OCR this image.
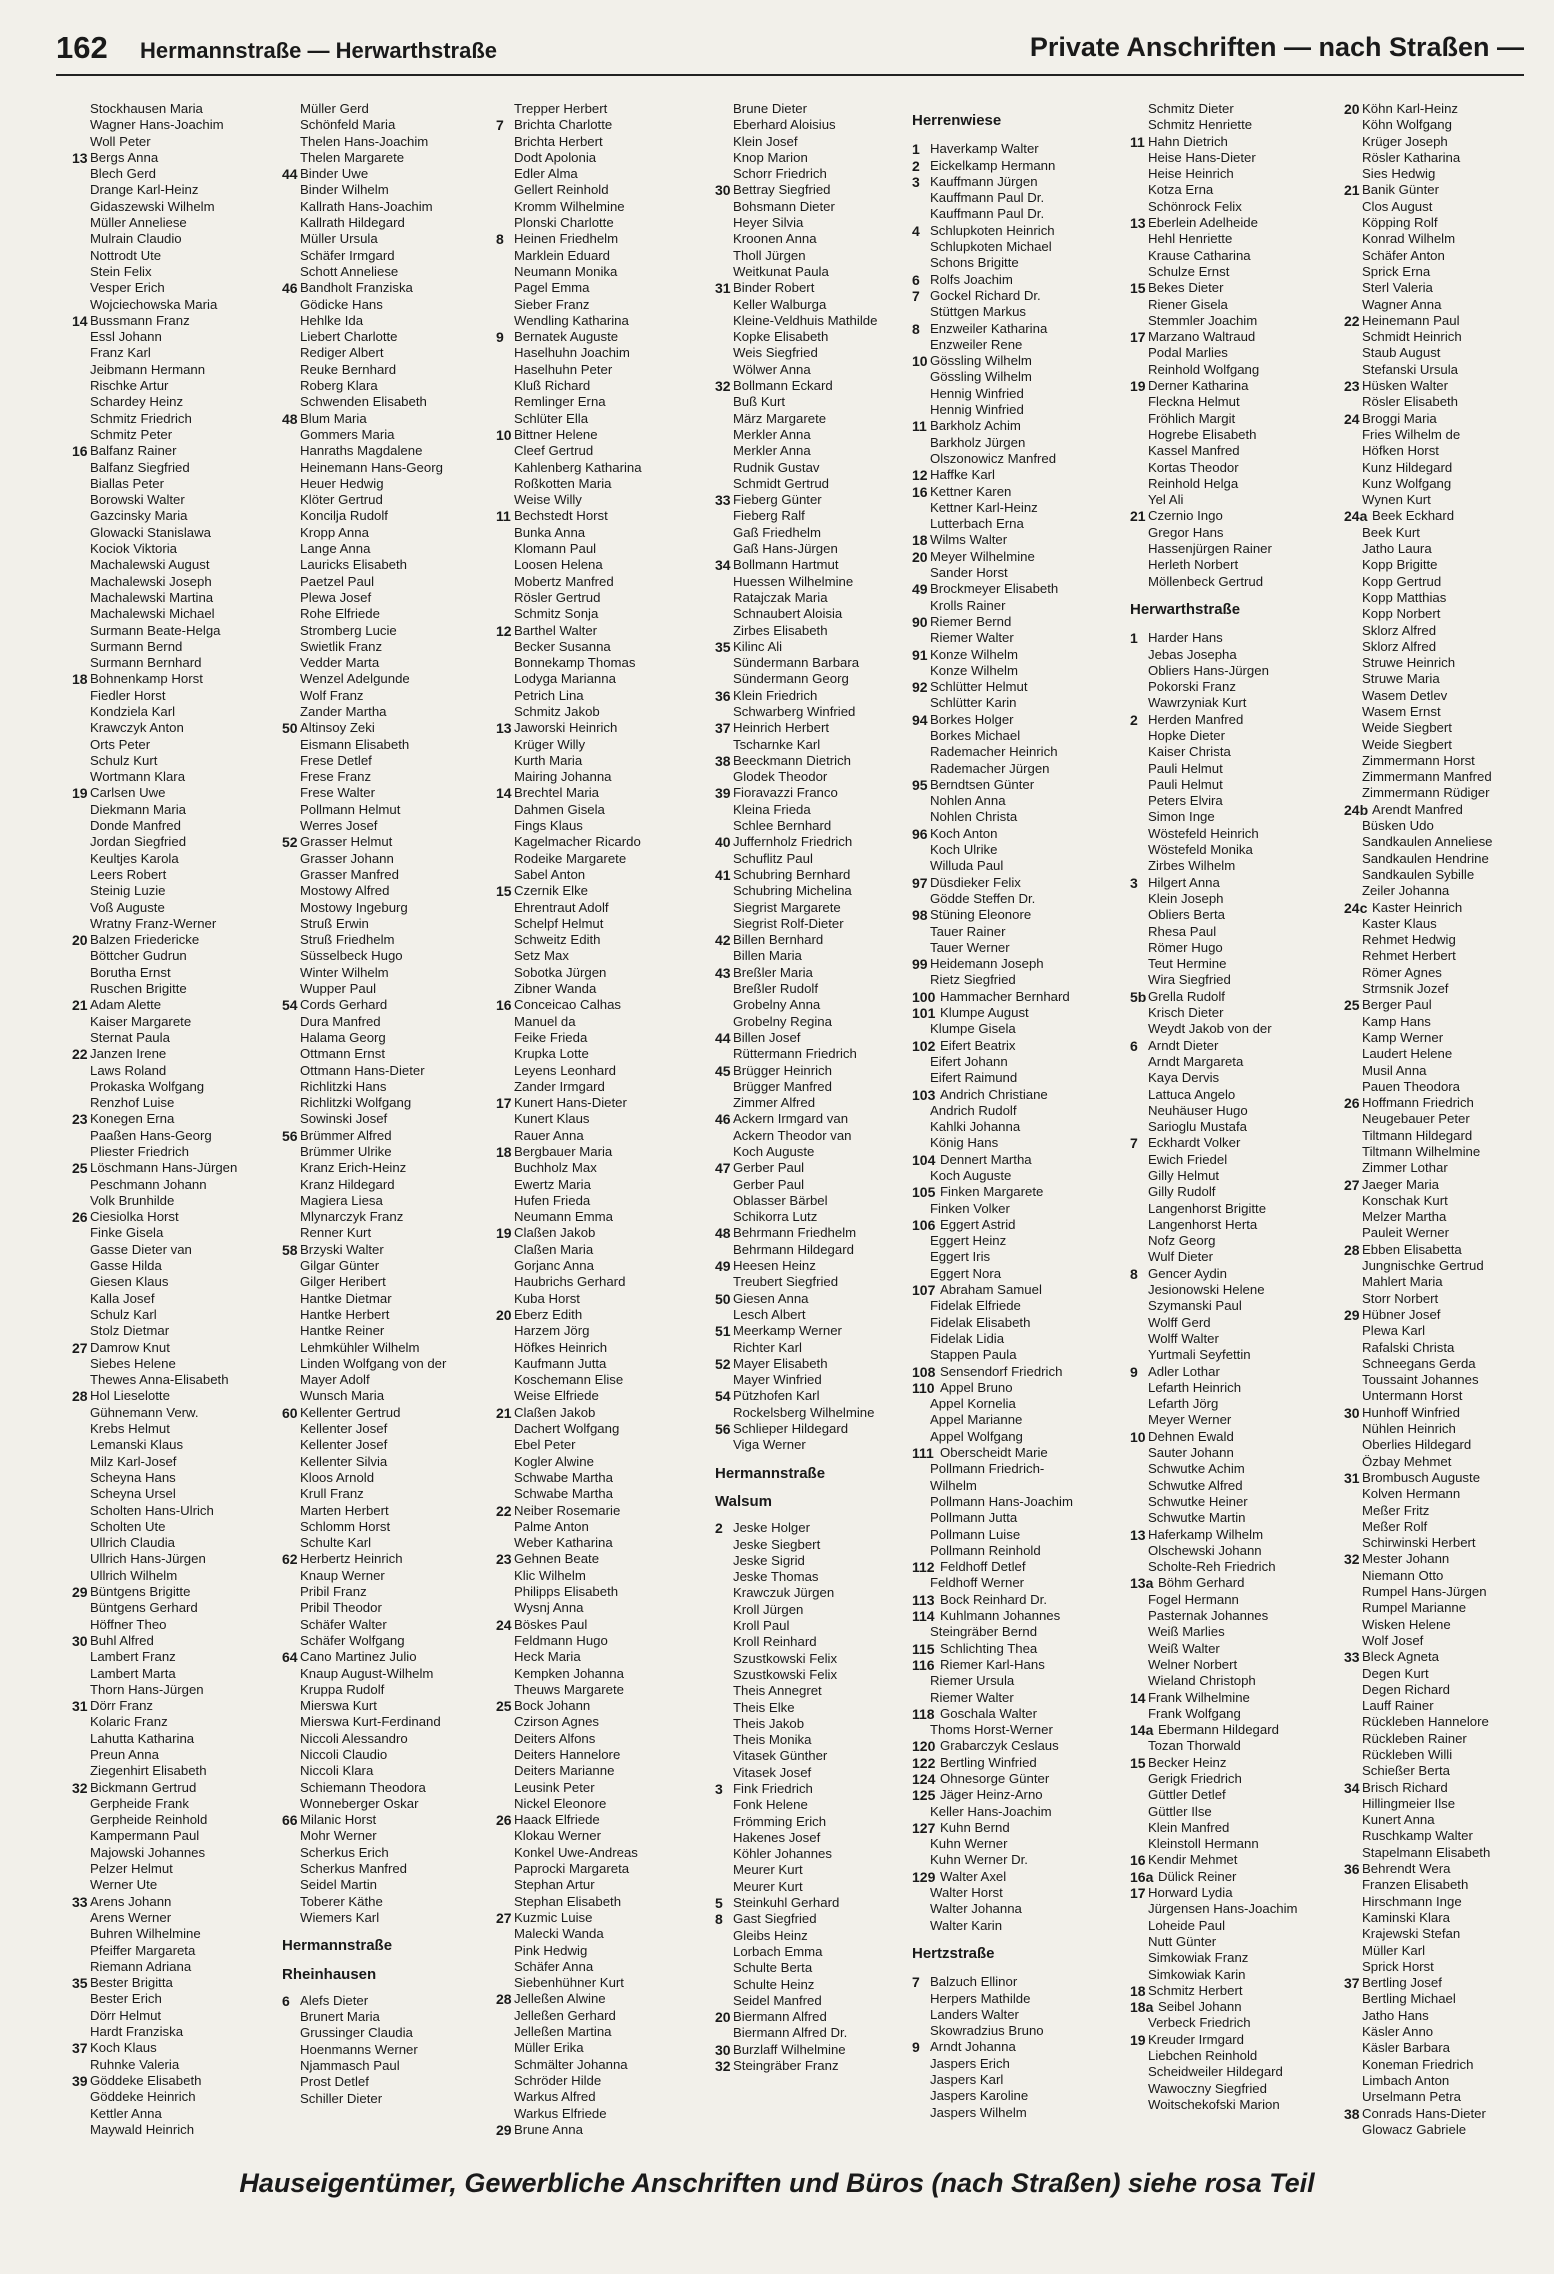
162 Hermannstraße — Herwarthstraße	Private Anschriften — nach Straßen —
Stockhausen Maria
Wagner Hans-Joachim
Woll Peter
13 Bergs Anna
Blech Gerd
Drange Karl-Heinz
Gidaszewski Wilhelm
Müller Anneliese
Mulrain Claudio
Nottrodt Ute
Stein Felix
Vesper Erich
Wojciechowska Maria
14 Bussmann Franz
Essl Johann
Franz Karl
Jeibmann Hermann
Rischke Artur
Schardey Heinz
Schmitz Friedrich
Schmitz Peter
16 Balfanz Rainer
Balfanz Siegfried
Biallas Peter
Borowski Walter
Gazcinsky Maria
Glowacki Stanislawa
Kociok Viktoria
Machalewski August
Machalewski Joseph
Machalewski Martina
Machalewski Michael
Surmann Beate-Helga
Surmann Bernd
Surmann Bernhard
18 Bohnenkamp Horst
Fiedler Horst
Kondziela Karl
Krawczyk Anton
Orts Peter
Schulz Kurt
Wortmann Klara
19 Carlsen Uwe
Diekmann Maria
Donde Manfred
Jordan Siegfried
Keultjes Karola
Leers Robert
Steinig Luzie
Voß Auguste
Wratny Franz-Werner
20 Balzen Friedericke
Böttcher Gudrun
Borutha Ernst
Ruschen Brigitte
21 Adam Alette
Kaiser Margarete
Sternat Paula
22 Janzen Irene
Laws Roland
Prokaska Wolfgang
Renzhof Luise
23 Konegen Erna
Paaßen Hans-Georg
Pliester Friedrich
25 Löschmann Hans-Jürgen
Peschmann Johann
Volk Brunhilde
26 Ciesiolka Horst
Finke Gisela
Gasse Dieter van
Gasse Hilda
Giesen Klaus
Kalla Josef
Schulz Karl
Stolz Dietmar
27 Damrow Knut
Siebes Helene
Thewes Anna-Elisabeth
28 Hol Lieselotte
Gühnemann Verw.
Krebs Helmut
Lemanski Klaus
Milz Karl-Josef
Scheyna Hans
Scheyna Ursel
Scholten Hans-Ulrich
Scholten Ute
Ullrich Claudia
Ullrich Hans-Jürgen
Ullrich Wilhelm
29 Büntgens Brigitte
Büntgens Gerhard
Höffner Theo
30 Buhl Alfred
Lambert Franz
Lambert Marta
Thorn Hans-Jürgen
31 Dörr Franz
Kolaric Franz
Lahutta Katharina
Preun Anna
Ziegenhirt Elisabeth
32 Bickmann Gertrud
Gerpheide Frank
Gerpheide Reinhold
Kampermann Paul
Majowski Johannes
Pelzer Helmut
Werner Ute
33 Arens Johann
Arens Werner
Buhren Wilhelmine
Pfeiffer Margareta
Riemann Adriana
35 Bester Brigitta
Bester Erich
Dörr Helmut
Hardt Franziska
37 Koch Klaus
Ruhnke Valeria
39 Göddeke Elisabeth
Göddeke Heinrich
Kettler Anna
Maywald Heinrich
Müller Gerd
Schönfeld Maria
Thelen Hans-Joachim
Thelen Margarete
44 Binder Uwe
Binder Wilhelm
Kallrath Hans-Joachim
Kallrath Hildegard
Müller Ursula
Schäfer Irmgard
Schott Anneliese
46 Bandholt Franziska
Gödicke Hans
Hehlke Ida
Liebert Charlotte
Rediger Albert
Reuke Bernhard
Roberg Klara
Schwenden Elisabeth
48 Blum Maria
Gommers Maria
Hanraths Magdalene
Heinemann Hans-Georg
Heuer Hedwig
Klöter Gertrud
Koncilja Rudolf
Kropp Anna
Lange Anna
Lauricks Elisabeth
Paetzel Paul
Plewa Josef
Rohe Elfriede
Stromberg Lucie
Swietlik Franz
Vedder Marta
Wenzel Adelgunde
Wolf Franz
Zander Martha
50 Altinsoy Zeki
Eismann Elisabeth
Frese Detlef
Frese Franz
Frese Walter
Pollmann Helmut
Werres Josef
52 Grasser Helmut
Grasser Johann
Grasser Manfred
Mostowy Alfred
Mostowy Ingeburg
Struß Erwin
Struß Friedhelm
Süsselbeck Hugo
Winter Wilhelm
Wupper Paul
54 Cords Gerhard
Dura Manfred
Halama Georg
Ottmann Ernst
Ottmann Hans-Dieter
Richlitzki Hans
Richlitzki Wolfgang
Sowinski Josef
56 Brümmer Alfred
Brümmer Ulrike
Kranz Erich-Heinz
Kranz Hildegard
Magiera Liesa
Mlynarczyk Franz
Renner Kurt
58 Brzyski Walter
Gilgar Günter
Gilger Heribert
Hantke Dietmar
Hantke Herbert
Hantke Reiner
Lehmkühler Wilhelm
Linden Wolfgang von der
Mayer Adolf
Wunsch Maria
60 Kellenter Gertrud
Kellenter Josef
Kellenter Josef
Kellenter Silvia
Kloos Arnold
Krull Franz
Marten Herbert
Schlomm Horst
Schulte Karl
62 Herbertz Heinrich
Knaup Werner
Pribil Franz
Pribil Theodor
Schäfer Walter
Schäfer Wolfgang
64 Cano Martinez Julio
Knaup August-Wilhelm
Kruppa Rudolf
Mierswa Kurt
Mierswa Kurt-Ferdinand
Niccoli Alessandro
Niccoli Claudio
Niccoli Klara
Schiemann Theodora
Wonneberger Oskar
66 Milanic Horst
Mohr Werner
Scherkus Erich
Scherkus Manfred
Seidel Martin
Toberer Käthe
Wiemers Karl
Hermannstraße
Rheinhausen
6 Alefs Dieter
Brunert Maria
Grussinger Claudia
Hoenmanns Werner
Njammasch Paul
Prost Detlef
Schiller Dieter
Trepper Herbert
7 Brichta Charlotte
Brichta Herbert
Dodt Apolonia
Edler Alma
Gellert Reinhold
Kromm Wilhelmine
Plonski Charlotte
8 Heinen Friedhelm
Marklein Eduard
Neumann Monika
Pagel Emma
Sieber Franz
Wendling Katharina
9 Bernatek Auguste
Haselhuhn Joachim
Haselhuhn Peter
Kluß Richard
Remlinger Erna
Schlüter Ella
10 Bittner Helene
Cleef Gertrud
Kahlenberg Katharina
Roßkotten Maria
Weise Willy
11 Bechstedt Horst
Bunka Anna
Klomann Paul
Loosen Helena
Mobertz Manfred
Rösler Gertrud
Schmitz Sonja
12 Barthel Walter
Becker Susanna
Bonnekamp Thomas
Lodyga Marianna
Petrich Lina
Schmitz Jakob
13 Jaworski Heinrich
Krüger Willy
Kurth Maria
Mairing Johanna
14 Brechtel Maria
Dahmen Gisela
Fings Klaus
Kagelmacher Ricardo
Rodeike Margarete
Sabel Anton
15 Czernik Elke
Ehrentraut Adolf
Schelpf Helmut
Schweitz Edith
Setz Max
Sobotka Jürgen
Zibner Wanda
16 Conceicao Calhas
Manuel da
Feike Frieda
Krupka Lotte
Leyens Leonhard
Zander Irmgard
17 Kunert Hans-Dieter
Kunert Klaus
Rauer Anna
18 Bergbauer Maria
Buchholz Max
Ewertz Maria
Hufen Frieda
Neumann Emma
19 Claßen Jakob
Claßen Maria
Gorjanc Anna
Haubrichs Gerhard
Kuba Horst
20 Eberz Edith
Harzem Jörg
Höfkes Heinrich
Kaufmann Jutta
Koschemann Elise
Weise Elfriede
21 Claßen Jakob
Dachert Wolfgang
Ebel Peter
Kogler Alwine
Schwabe Martha
Schwabe Martha
22 Neiber Rosemarie
Palme Anton
Weber Katharina
23 Gehnen Beate
Klic Wilhelm
Philipps Elisabeth
Wysnj Anna
24 Böskes Paul
Feldmann Hugo
Heck Maria
Kempken Johanna
Theuws Margarete
25 Bock Johann
Czirson Agnes
Deiters Alfons
Deiters Hannelore
Deiters Marianne
Leusink Peter
Nickel Eleonore
26 Haack Elfriede
Klokau Werner
Konkel Uwe-Andreas
Paprocki Margareta
Stephan Artur
Stephan Elisabeth
27 Kuzmic Luise
Malecki Wanda
Pink Hedwig
Schäfer Anna
Siebenhühner Kurt
28 Jelleßen Alwine
Jelleßen Gerhard
Jelleßen Martina
Müller Erika
Schmälter Johanna
Schröder Hilde
Warkus Alfred
Warkus Elfriede
29 Brune Anna
Brune Dieter
Eberhard Aloisius
Klein Josef
Knop Marion
Schorr Friedrich
30 Bettray Siegfried
Bohsmann Dieter
Heyer Silvia
Kroonen Anna
Tholl Jürgen
Weitkunat Paula
31 Binder Robert
Keller Walburga
Kleine-Veldhuis Mathilde
Kopke Elisabeth
Weis Siegfried
Wölwer Anna
32 Bollmann Eckard
Buß Kurt
März Margarete
Merkler Anna
Merkler Anna
Rudnik Gustav
Schmidt Gertrud
33 Fieberg Günter
Fieberg Ralf
Gaß Friedhelm
Gaß Hans-Jürgen
34 Bollmann Hartmut
Huessen Wilhelmine
Ratajczak Maria
Schnaubert Aloisia
Zirbes Elisabeth
35 Kilinc Ali
Sündermann Barbara
Sündermann Georg
36 Klein Friedrich
Schwarberg Winfried
37 Heinrich Herbert
Tscharnke Karl
38 Beeckmann Dietrich
Glodek Theodor
39 Fioravazzi Franco
Kleina Frieda
Schlee Bernhard
40 Juffernholz Friedrich
Schuflitz Paul
41 Schubring Bernhard
Schubring Michelina
Siegrist Margarete
Siegrist Rolf-Dieter
42 Billen Bernhard
Billen Maria
43 Breßler Maria
Breßler Rudolf
Grobelny Anna
Grobelny Regina
44 Billen Josef
Rüttermann Friedrich
45 Brügger Heinrich
Brügger Manfred
Zimmer Alfred
46 Ackern Irmgard van
Ackern Theodor van
Koch Auguste
47 Gerber Paul
Gerber Paul
Oblasser Bärbel
Schikorra Lutz
48 Behrmann Friedhelm
Behrmann Hildegard
49 Heesen Heinz
Treubert Siegfried
50 Giesen Anna
Lesch Albert
51 Meerkamp Werner
Richter Karl
52 Mayer Elisabeth
Mayer Winfried
54 Pützhofen Karl
Rockelsberg Wilhelmine
56 Schlieper Hildegard
Viga Werner
Hermannstraße
Walsum
2 Jeske Holger
Jeske Siegbert
Jeske Sigrid
Jeske Thomas
Krawczuk Jürgen
Kroll Jürgen
Kroll Paul
Kroll Reinhard
Szustkowski Felix
Szustkowski Felix
Theis Annegret
Theis Elke
Theis Jakob
Theis Monika
Vitasek Günther
Vitasek Josef
3 Fink Friedrich
Fonk Helene
Frömming Erich
Hakenes Josef
Köhler Johannes
Meurer Kurt
Meurer Kurt
5 Steinkuhl Gerhard
8 Gast Siegfried
Gleibs Heinz
Lorbach Emma
Schulte Berta
Schulte Heinz
Seidel Manfred
20 Biermann Alfred
Biermann Alfred Dr.
30 Burzlaff Wilhelmine
32 Steingräber Franz
Herrenwiese
1 Haverkamp Walter
2 Eickelkamp Hermann
3 Kauffmann Jürgen
Kauffmann Paul Dr.
Kauffmann Paul Dr.
4 Schlupkoten Heinrich
Schlupkoten Michael
Schons Brigitte
6 Rolfs Joachim
7 Gockel Richard Dr.
Stüttgen Markus
8 Enzweiler Katharina
Enzweiler Rene
10 Gössling Wilhelm
Gössling Wilhelm
Hennig Winfried
Hennig Winfried
11 Barkholz Achim
Barkholz Jürgen
Olszonowicz Manfred
12 Haffke Karl
16 Kettner Karen
Kettner Karl-Heinz
Lutterbach Erna
18 Wilms Walter
20 Meyer Wilhelmine
Sander Horst
49 Brockmeyer Elisabeth
Krolls Rainer
90 Riemer Bernd
Riemer Walter
91 Konze Wilhelm
Konze Wilhelm
92 Schlütter Helmut
Schlütter Karin
94 Borkes Holger
Borkes Michael
Rademacher Heinrich
Rademacher Jürgen
95 Berndtsen Günter
Nohlen Anna
Nohlen Christa
96 Koch Anton
Koch Ulrike
Willuda Paul
97 Düsdieker Felix
Gödde Steffen Dr.
98 Stüning Eleonore
Tauer Rainer
Tauer Werner
99 Heidemann Joseph
Rietz Siegfried
100 Hammacher Bernhard
101 Klumpe August
Klumpe Gisela
102 Eifert Beatrix
Eifert Johann
Eifert Raimund
103 Andrich Christiane
Andrich Rudolf
Kahlki Johanna
König Hans
104 Dennert Martha
Koch Auguste
105 Finken Margarete
Finken Volker
106 Eggert Astrid
Eggert Heinz
Eggert Iris
Eggert Nora
107 Abraham Samuel
Fidelak Elfriede
Fidelak Elisabeth
Fidelak Lidia
Stappen Paula
108 Sensendorf Friedrich
110 Appel Bruno
Appel Kornelia
Appel Marianne
Appel Wolfgang
111 Oberscheidt Marie
Pollmann Friedrich-
Wilhelm
Pollmann Hans-Joachim
Pollmann Jutta
Pollmann Luise
Pollmann Reinhold
112 Feldhoff Detlef
Feldhoff Werner
113 Bock Reinhard Dr.
114 Kuhlmann Johannes
Steingräber Bernd
115 Schlichting Thea
116 Riemer Karl-Hans
Riemer Ursula
Riemer Walter
118 Goschala Walter
Thoms Horst-Werner
120 Grabarczyk Ceslaus
122 Bertling Winfried
124 Ohnesorge Günter
125 Jäger Heinz-Arno
Keller Hans-Joachim
127 Kuhn Bernd
Kuhn Werner
Kuhn Werner Dr.
129 Walter Axel
Walter Horst
Walter Johanna
Walter Karin
Hertzstraße
7 Balzuch Ellinor
Herpers Mathilde
Landers Walter
Skowradzius Bruno
9 Arndt Johanna
Jaspers Erich
Jaspers Karl
Jaspers Karoline
Jaspers Wilhelm
Schmitz Dieter
Schmitz Henriette
11 Hahn Dietrich
Heise Hans-Dieter
Heise Heinrich
Kotza Erna
Schönrock Felix
13 Eberlein Adelheide
Hehl Henriette
Krause Catharina
Schulze Ernst
15 Bekes Dieter
Riener Gisela
Stemmler Joachim
17 Marzano Waltraud
Podal Marlies
Reinhold Wolfgang
19 Derner Katharina
Fleckna Helmut
Fröhlich Margit
Hogrebe Elisabeth
Kassel Manfred
Kortas Theodor
Reinhold Helga
Yel Ali
21 Czernio Ingo
Gregor Hans
Hassenjürgen Rainer
Herleth Norbert
Möllenbeck Gertrud
Herwarthstraße
1 Harder Hans
Jebas Josepha
Obliers Hans-Jürgen
Pokorski Franz
Wawrzyniak Kurt
2 Herden Manfred
Hopke Dieter
Kaiser Christa
Pauli Helmut
Pauli Helmut
Peters Elvira
Simon Inge
Wöstefeld Heinrich
Wöstefeld Monika
Zirbes Wilhelm
3 Hilgert Anna
Klein Joseph
Obliers Berta
Rhesa Paul
Römer Hugo
Teut Hermine
Wira Siegfried
5b Grella Rudolf
Krisch Dieter
Weydt Jakob von der
6 Arndt Dieter
Arndt Margareta
Kaya Dervis
Lattuca Angelo
Neuhäuser Hugo
Sarioglu Mustafa
7 Eckhardt Volker
Ewich Friedel
Gilly Helmut
Gilly Rudolf
Langenhorst Brigitte
Langenhorst Herta
Nofz Georg
Wulf Dieter
8 Gencer Aydin
Jesionowski Helene
Szymanski Paul
Wolff Gerd
Wolff Walter
Yurtmali Seyfettin
9 Adler Lothar
Lefarth Heinrich
Lefarth Jörg
Meyer Werner
10 Dehnen Ewald
Sauter Johann
Schwutke Achim
Schwutke Alfred
Schwutke Heiner
Schwutke Martin
13 Haferkamp Wilhelm
Olschewski Johann
Scholte-Reh Friedrich
13a Böhm Gerhard
Fogel Hermann
Pasternak Johannes
Weiß Marlies
Weiß Walter
Welner Norbert
Wieland Christoph
14 Frank Wilhelmine
Frank Wolfgang
14a Ebermann Hildegard
Tozan Thorwald
15 Becker Heinz
Gerigk Friedrich
Güttler Detlef
Güttler Ilse
Klein Manfred
Kleinstoll Hermann
16 Kendir Mehmet
16a Dülick Reiner
17 Horward Lydia
Jürgensen Hans-Joachim
Loheide Paul
Nutt Günter
Simkowiak Franz
Simkowiak Karin
18 Schmitz Herbert
18a Seibel Johann
Verbeck Friedrich
19 Kreuder Irmgard
Liebchen Reinhold
Scheidweiler Hildegard
Wawoczny Siegfried
Woitschekofski Marion
20 Köhn Karl-Heinz
Köhn Wolfgang
Krüger Joseph
Rösler Katharina
Sies Hedwig
21 Banik Günter
Clos August
Köpping Rolf
Konrad Wilhelm
Schäfer Anton
Sprick Erna
Sterl Valeria
Wagner Anna
22 Heinemann Paul
Schmidt Heinrich
Staub August
Stefanski Ursula
23 Hüsken Walter
Rösler Elisabeth
24 Broggi Maria
Fries Wilhelm de
Höfken Horst
Kunz Hildegard
Kunz Wolfgang
Wynen Kurt
24a Beek Eckhard
Beek Kurt
Jatho Laura
Kopp Brigitte
Kopp Gertrud
Kopp Matthias
Kopp Norbert
Sklorz Alfred
Sklorz Alfred
Struwe Heinrich
Struwe Maria
Wasem Detlev
Wasem Ernst
Weide Siegbert
Weide Siegbert
Zimmermann Horst
Zimmermann Manfred
Zimmermann Rüdiger
24b Arendt Manfred
Büsken Udo
Sandkaulen Anneliese
Sandkaulen Hendrine
Sandkaulen Sybille
Zeiler Johanna
24c Kaster Heinrich
Kaster Klaus
Rehmet Hedwig
Rehmet Herbert
Römer Agnes
Strmsnik Jozef
25 Berger Paul
Kamp Hans
Kamp Werner
Laudert Helene
Musil Anna
Pauen Theodora
26 Hoffmann Friedrich
Neugebauer Peter
Tiltmann Hildegard
Tiltmann Wilhelmine
Zimmer Lothar
27 Jaeger Maria
Konschak Kurt
Melzer Martha
Pauleit Werner
28 Ebben Elisabetta
Jungnischke Gertrud
Mahlert Maria
Storr Norbert
29 Hübner Josef
Plewa Karl
Rafalski Christa
Schneegans Gerda
Toussaint Johannes
Untermann Horst
30 Hunhoff Winfried
Nühlen Heinrich
Oberlies Hildegard
Özbay Mehmet
31 Brombusch Auguste
Kolven Hermann
Meßer Fritz
Meßer Rolf
Schirwinski Herbert
32 Mester Johann
Niemann Otto
Rumpel Hans-Jürgen
Rumpel Marianne
Wisken Helene
Wolf Josef
33 Bleck Agneta
Degen Kurt
Degen Richard
Lauff Rainer
Rückleben Hannelore
Rückleben Rainer
Rückleben Willi
Schießer Berta
34 Brisch Richard
Hillingmeier Ilse
Kunert Anna
Ruschkamp Walter
Stapelmann Elisabeth
36 Behrendt Wera
Franzen Elisabeth
Hirschmann Inge
Kaminski Klara
Krajewski Stefan
Müller Karl
Sprick Horst
37 Bertling Josef
Bertling Michael
Jatho Hans
Käsler Anno
Käsler Barbara
Koneman Friedrich
Limbach Anton
Urselmann Petra
38 Conrads Hans-Dieter
Glowacz Gabriele
Hauseigentümer, Gewerbliche Anschriften und Büros (nach Straßen) siehe rosa Teil
